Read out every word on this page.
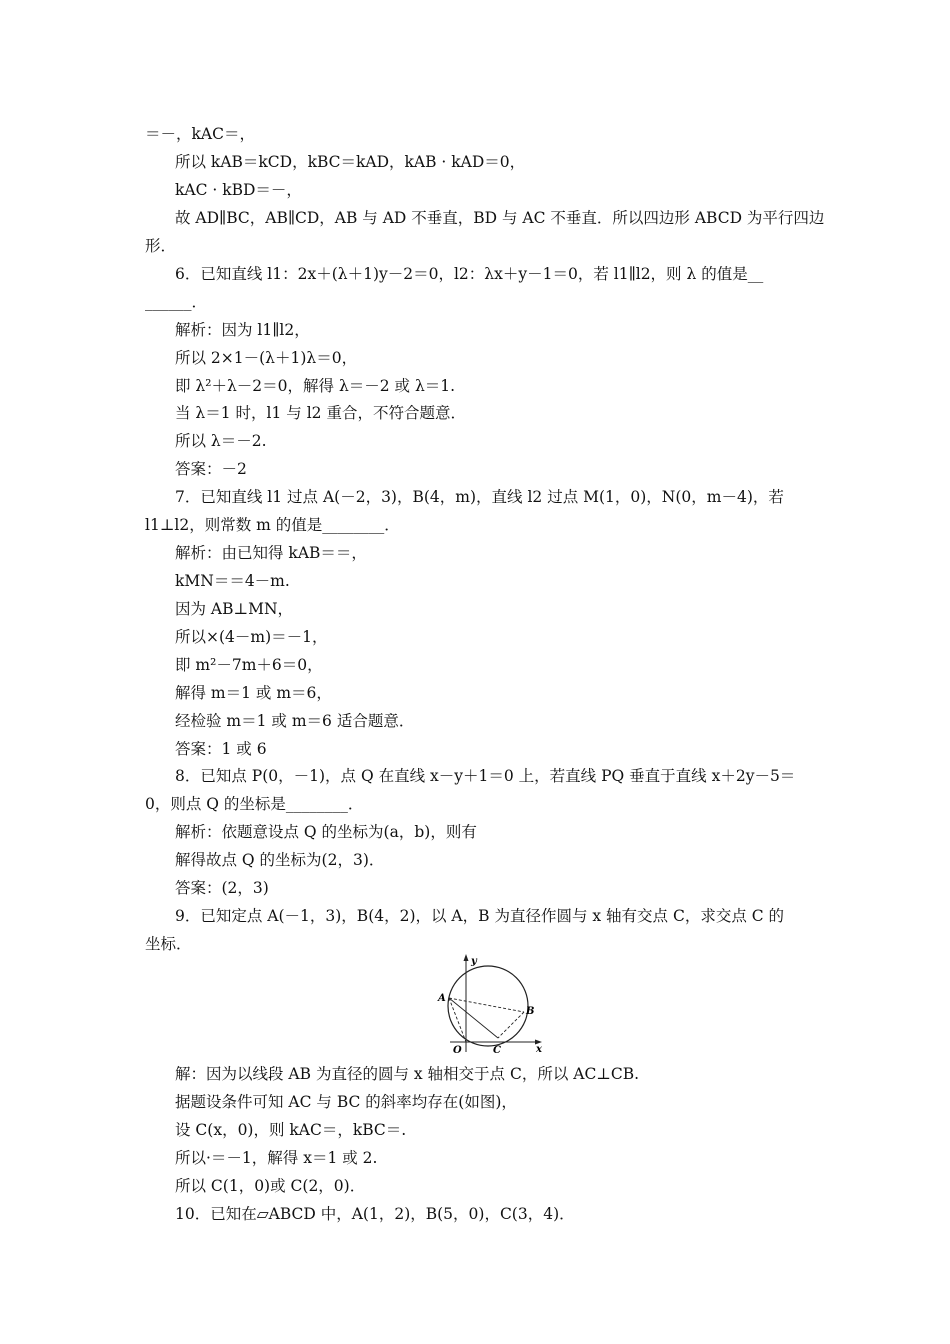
＝－，kAC＝，
所以 kAB＝kCD，kBC＝kAD，kAB · kAD＝0，
kAC · kBD＝－，
故 AD∥BC，AB∥CD，AB 与 AD 不垂直，BD 与 AC 不垂直．所以四边形 ABCD 为平行四边
形．
6．已知直线 l1：2x＋(λ＋1)y－2＝0，l2：λx＋y－1＝0，若 l1∥l2，则 λ 的值是__
______．
解析：因为 l1∥l2，
所以 2×1－(λ＋1)λ＝0，
即 λ²＋λ－2＝0，解得 λ＝－2 或 λ＝1.
当 λ＝1 时，l1 与 l2 重合，不符合题意．
所以 λ＝－2.
答案：－2
7．已知直线 l1 过点 A(－2，3)，B(4，m)，直线 l2 过点 M(1，0)，N(0，m－4)，若
l1⊥l2，则常数 m 的值是________．
解析：由已知得 kAB＝＝，
kMN＝＝4－m.
因为 AB⊥MN，
所以×(4－m)＝－1，
即 m²－7m＋6＝0，
解得 m＝1 或 m＝6，
经检验 m＝1 或 m＝6 适合题意．
答案：1 或 6
8．已知点 P(0，－1)，点 Q 在直线 x－y＋1＝0 上，若直线 PQ 垂直于直线 x＋2y－5＝
0，则点 Q 的坐标是________．
解析：依题意设点 Q 的坐标为(a，b)，则有
解得故点 Q 的坐标为(2，3)．
答案：(2，3)
9．已知定点 A(－1，3)，B(4，2)，以 A，B 为直径作圆与 x 轴有交点 C，求交点 C 的
坐标．
y
x
O
A
B
C
解：因为以线段 AB 为直径的圆与 x 轴相交于点 C，所以 AC⊥CB.
据题设条件可知 AC 与 BC 的斜率均存在(如图)，
设 C(x，0)，则 kAC＝，kBC＝.
所以·＝－1，解得 x＝1 或 2.
所以 C(1，0)或 C(2，0)．
10．已知在▱ABCD 中，A(1，2)，B(5，0)，C(3，4)．
